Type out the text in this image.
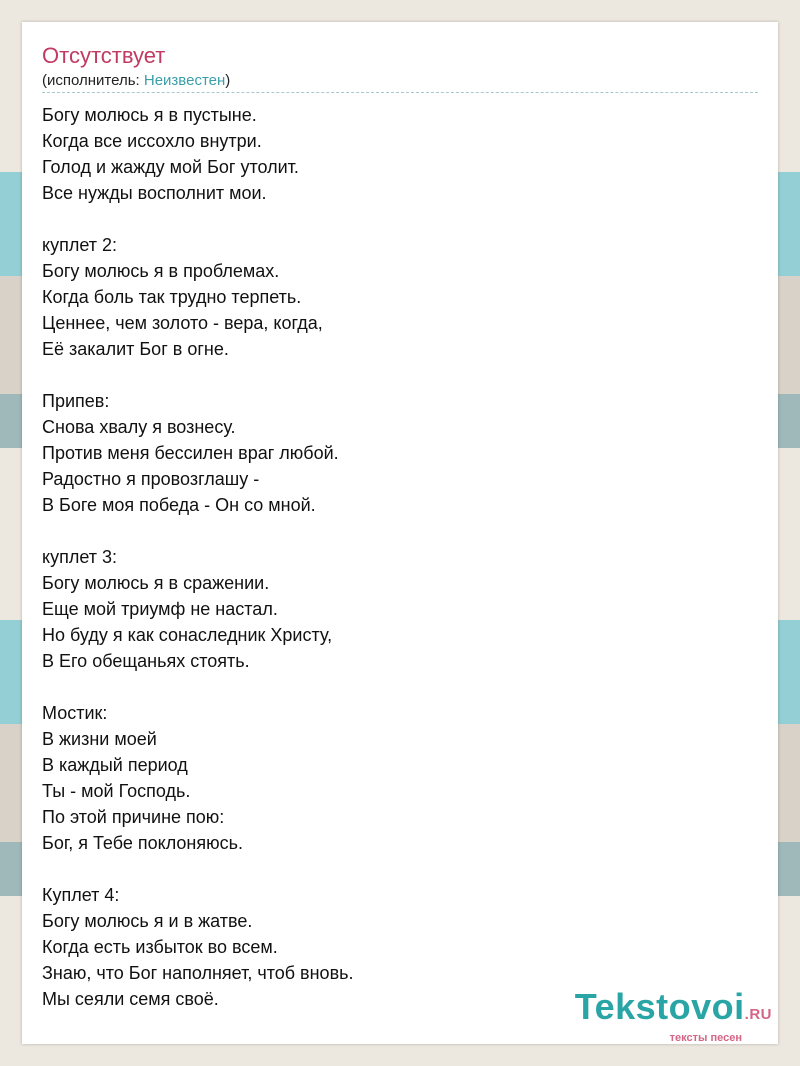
Отсутствует
(исполнитель: Неизвестен)
Богу молюсь я в пустыне.
Когда все иссохло внутри.
Голод и жажду мой Бог утолит.
Все нужды восполнит мои.
куплет 2:
Богу молюсь я в проблемах.
Когда боль так трудно терпеть.
Ценнее, чем золото - вера, когда,
Её закалит Бог в огне.
Припев:
Снова хвалу я вознесу.
Против меня бессилен враг любой.
Радостно я провозглашу -
В Боге моя победа - Он со мной.
куплет 3:
Богу молюсь я в сражении.
Еще мой триумф не настал.
Но буду я как сонаследник Христу,
В Его обещаньях стоять.
Мостик:
В жизни моей
В каждый период
Ты - мой Господь.
По этой причине пою:
Бог, я Тебе поклоняюсь.
Куплет 4:
Богу молюсь я и в жатве.
Когда есть избыток во всем.
Знаю, что Бог наполняет, чтоб вновь.
Мы сеяли семя своё.	Tekstovoi.RU
тексты песен
